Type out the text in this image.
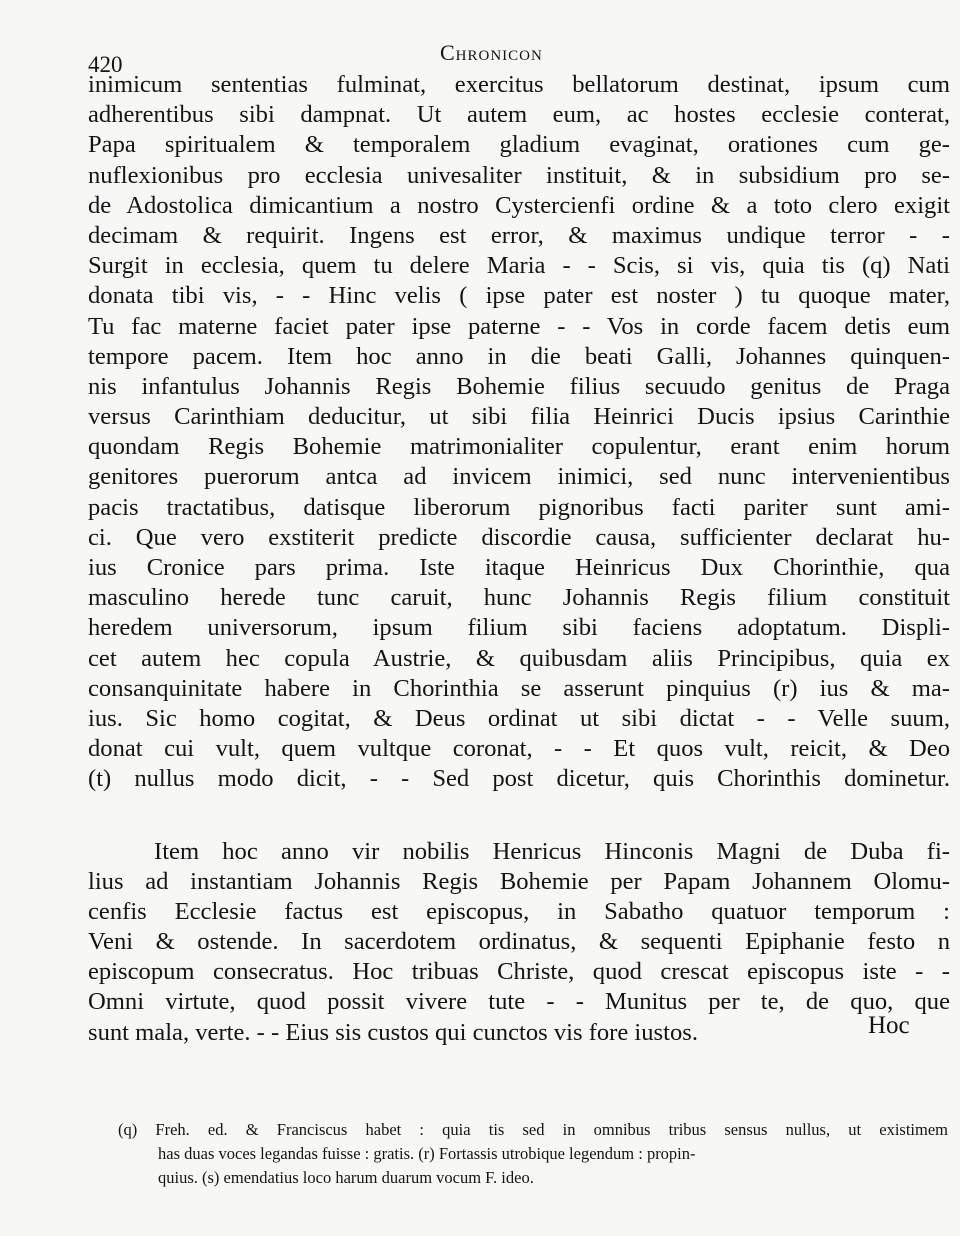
420	Chronicon
inimicum sententias fulminat, exercitus bellatorum destinat, ipsum cum
adherentibus sibi dampnat. Ut autem eum, ac hostes ecclesie conterat,
Papa spiritualem & temporalem gladium evaginat, orationes cum ge-
nuflexionibus pro ecclesia univesaliter instituit, & in subsidium pro se-
de Adostolica dimicantium a nostro Cystercienfi ordine & a toto clero exigit
decimam & requirit. Ingens est error, & maximus undique terror - -
Surgit in ecclesia, quem tu delere Maria - - Scis, si vis, quia tis (q) Nati
donata tibi vis, - - Hinc velis ( ipse pater est noster ) tu quoque mater,
Tu fac materne faciet pater ipse paterne - - Vos in corde facem detis eum
tempore pacem. Item hoc anno in die beati Galli, Johannes quinquen-
nis infantulus Johannis Regis Bohemie filius secuudo genitus de Praga
versus Carinthiam deducitur, ut sibi filia Heinrici Ducis ipsius Carinthie
quondam Regis Bohemie matrimonialiter copulentur, erant enim horum
genitores puerorum antca ad invicem inimici, sed nunc intervenientibus
pacis tractatibus, datisque liberorum pignoribus facti pariter sunt ami-
ci. Que vero exstiterit predicte discordie causa, sufficienter declarat hu-
ius Cronice pars prima. Iste itaque Heinricus Dux Chorinthie, qua
masculino herede tunc caruit, hunc Johannis Regis filium constituit
heredem universorum, ipsum filium sibi faciens adoptatum. Displi-
cet autem hec copula Austrie, & quibusdam aliis Principibus, quia ex
consanquinitate habere in Chorinthia se asserunt pinquius (r) ius & ma-
ius. Sic homo cogitat, & Deus ordinat ut sibi dictat - - Velle suum,
donat cui vult, quem vultque coronat, - - Et quos vult, reicit, & Deo
(t) nullus modo dicit, - - Sed post dicetur, quis Chorinthis dominetur.
Item hoc anno vir nobilis Henricus Hinconis Magni de Duba fi-
lius ad instantiam Johannis Regis Bohemie per Papam Johannem Olomu-
cenfis Ecclesie factus est episcopus, in Sabatho quatuor temporum :
Veni & ostende. In sacerdotem ordinatus, & sequenti Epiphanie festo n
episcopum consecratus. Hoc tribuas Christe, quod crescat episcopus iste - -
Omni virtute, quod possit vivere tute - - Munitus per te, de quo, que
sunt mala, verte. - - Eius sis custos qui cunctos vis fore iustos.	Hoc
(q) Freh. ed. & Franciscus habet : quia tis sed in omnibus tribus sensus nullus, ut existimem
has duas voces legandas fuisse : gratis. (r) Fortassis utrobique legendum : propin-
quius. (s) emendatius loco harum duarum vocum F. ideo.
